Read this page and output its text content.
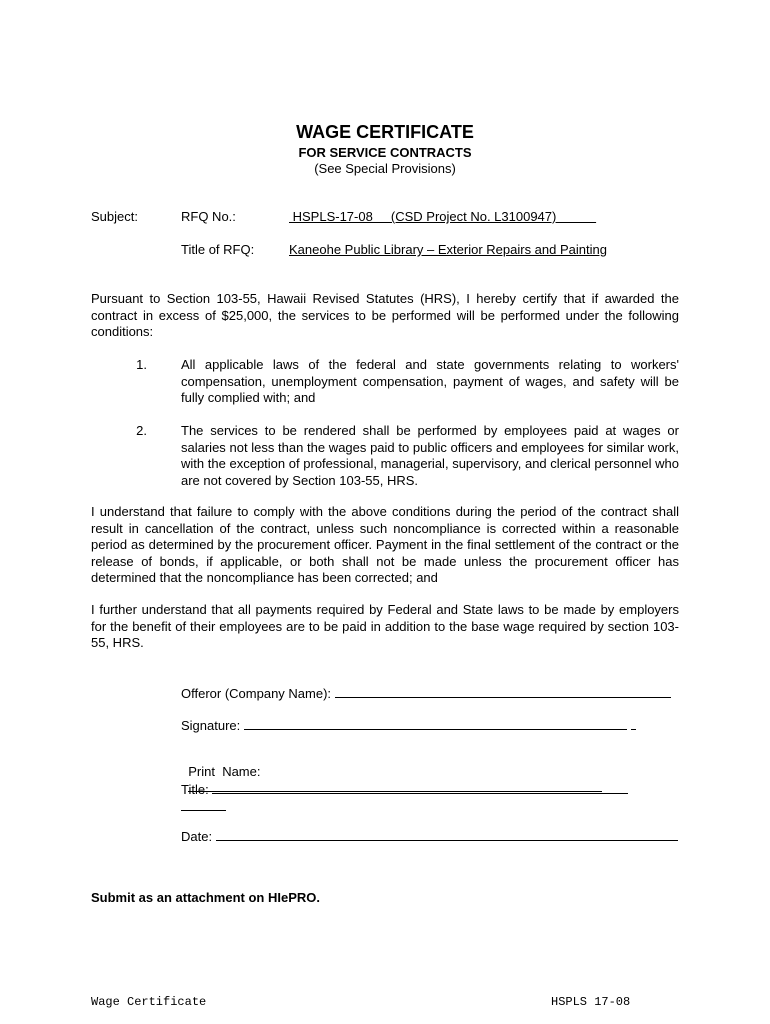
WAGE CERTIFICATE
FOR SERVICE CONTRACTS
(See Special Provisions)
Subject:	RFQ No.:	HSPLS-17-08     (CSD Project No. L3100947)
Title of RFQ:	Kaneohe Public Library – Exterior Repairs and Painting
Pursuant to Section 103-55, Hawaii Revised Statutes (HRS), I hereby certify that if awarded the contract in excess of $25,000, the services to be performed will be performed under the following conditions:
1.	All applicable laws of the federal and state governments relating to workers' compensation, unemployment compensation, payment of wages, and safety will be fully complied with; and
2.	The services to be rendered shall be performed by employees paid at wages or salaries not less than the wages paid to public officers and employees for similar work, with the exception of professional, managerial, supervisory, and clerical personnel who are not covered by Section 103-55, HRS.
I understand that failure to comply with the above conditions during the period of the contract shall result in cancellation of the contract, unless such noncompliance is corrected within a reasonable period as determined by the procurement officer. Payment in the final settlement of the contract or the release of bonds, if applicable, or both shall not be made unless the procurement officer has determined that the noncompliance has been corrected; and
I further understand that all payments required by Federal and State laws to be made by employers for the benefit of their employees are to be paid in addition to the base wage required by section 103-55, HRS.
Offeror (Company Name):
Signature:

Print  Name:

Title:
Date:
Submit as an attachment on HIePRO.
Wage Certificate	HSPLS 17-08
